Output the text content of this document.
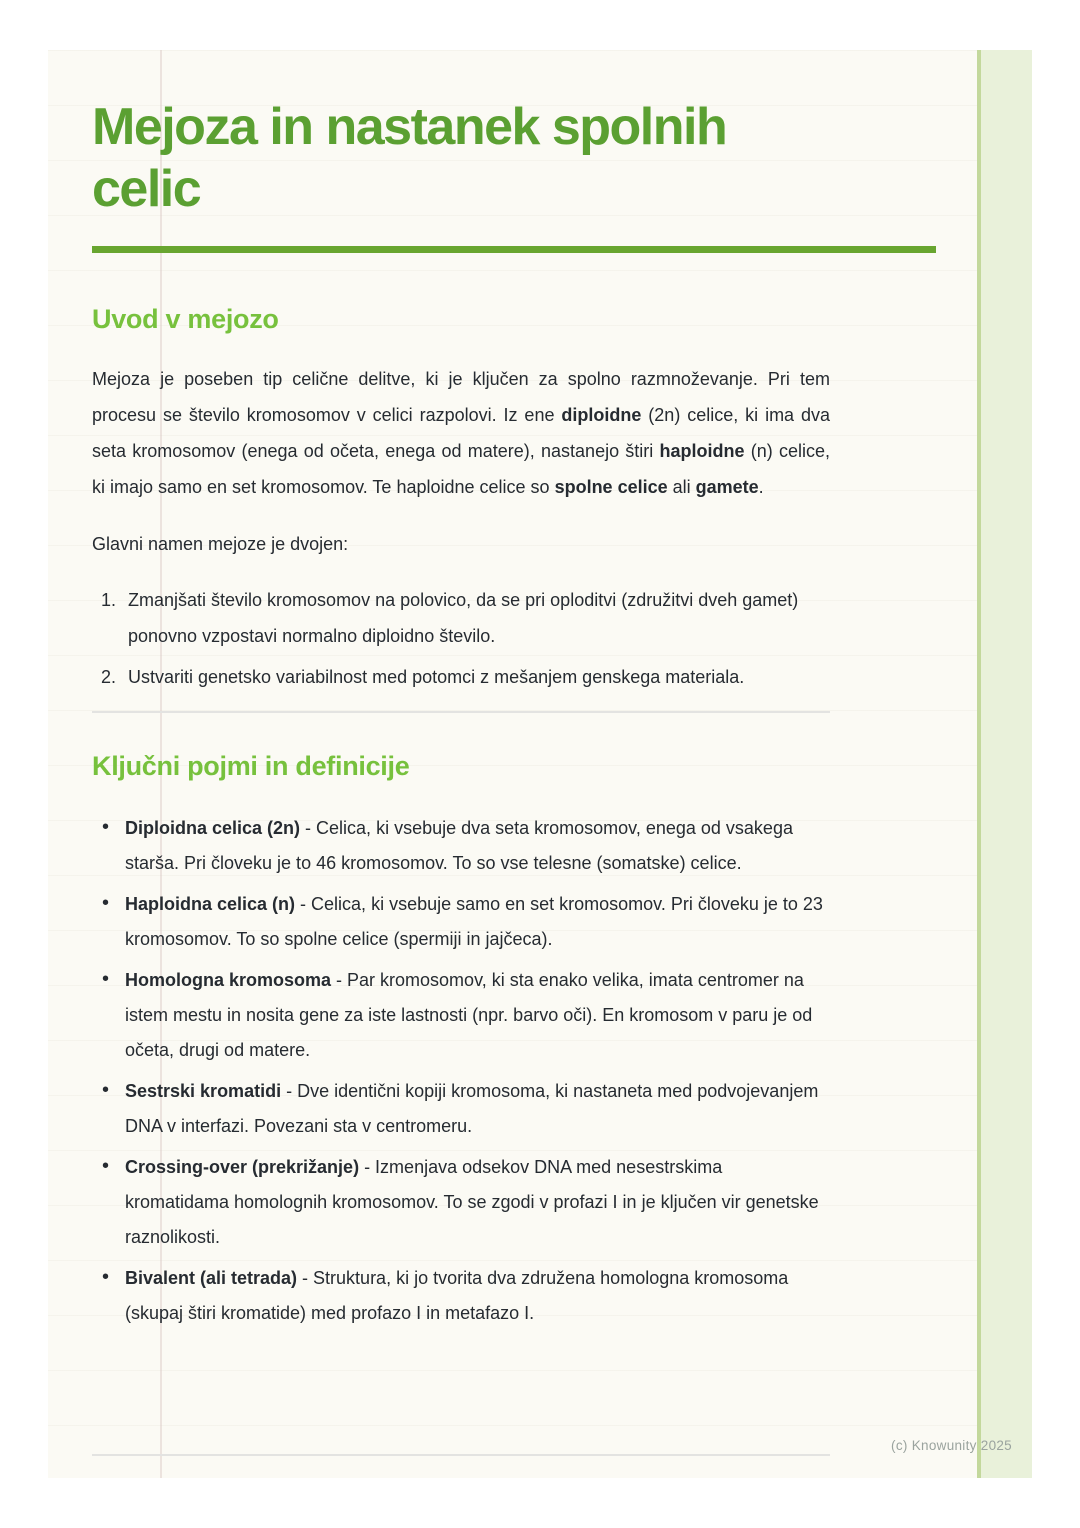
Mejoza in nastanek spolnih celic
Uvod v mejozo

Mejoza je poseben tip celične delitve, ki je ključen za spolno razmnoževanje. Pri tem procesu se število kromosomov v celici razpolovi. Iz ene diploidne (2n) celice, ki ima dva seta kromosomov (enega od očeta, enega od matere), nastanejo štiri haploidne (n) celice, ki imajo samo en set kromosomov. Te haploidne celice so spolne celice ali gamete.

Glavni namen mejoze je dvojen:

Zmanjšati število kromosomov na polovico, da se pri oploditvi (združitvi dveh gamet) ponovno vzpostavi normalno diploidno število.
Ustvariti genetsko variabilnost med potomci z mešanjem genskega materiala.
Ključni pojmi in definicije
• Diploidna celica (2n) - Celica, ki vsebuje dva seta kromosomov, enega od vsakega starša. Pri človeku je to 46 kromosomov. To so vse telesne (somatske) celice.
• Haploidna celica (n) - Celica, ki vsebuje samo en set kromosomov. Pri človeku je to 23 kromosomov. To so spolne celice (spermiji in jajčeca).
• Homologna kromosoma - Par kromosomov, ki sta enako velika, imata centromer na istem mestu in nosita gene za iste lastnosti (npr. barvo oči). En kromosom v paru je od očeta, drugi od matere.
• Sestrski kromatidi - Dve identični kopiji kromosoma, ki nastaneta med podvojevanjem DNA v interfazi. Povezani sta v centromeru.
• Crossing-over (prekrižanje) - Izmenjava odsekov DNA med nesestrskima kromatidama homolognih kromosomov. To se zgodi v profazi I in je ključen vir genetske raznolikosti.
• Bivalent (ali tetrada) - Struktura, ki jo tvorita dva združena homologna kromosoma (skupaj štiri kromatide) med profazo I in metafazo I.
(c) Knowunity 2025
